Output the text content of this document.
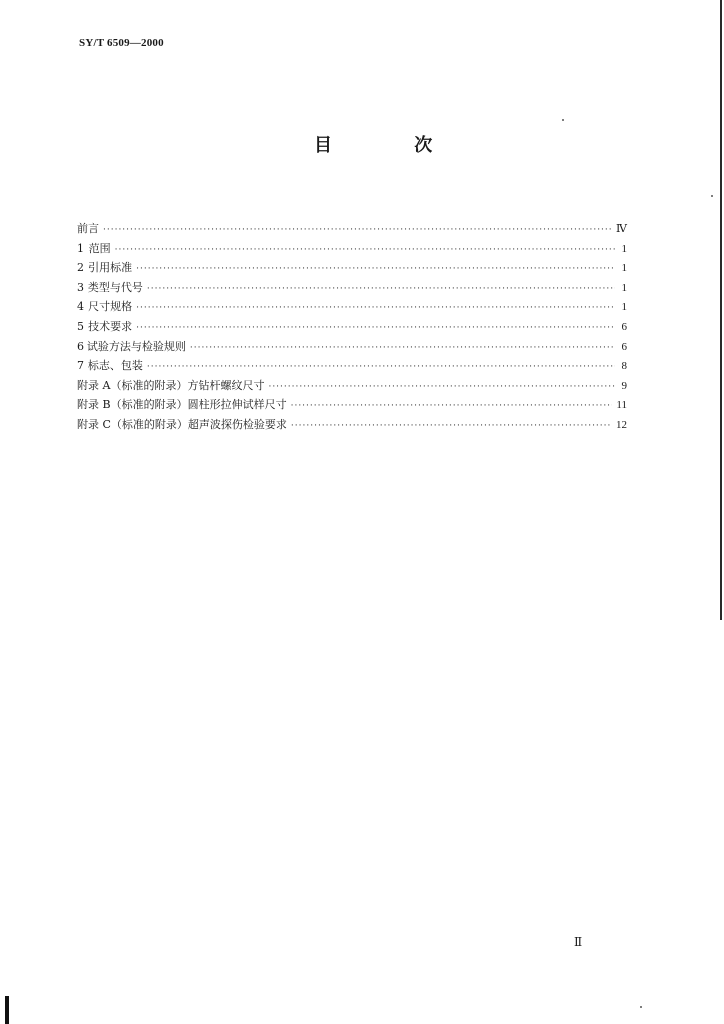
SY/T 6509—2000
目 次
前言 ·····	Ⅳ
1 范围 ·····	1
2 引用标准 ·····	1
3 类型与代号 ·····	1
4 尺寸规格 ·····	1
5 技术要求 ·····	6
6 试验方法与检验规则 ·····	6
7 标志、包装 ·····	8
附录 A（标准的附录） 方钻杆螺纹尺寸 ·····	9
附录 B（标准的附录） 圆柱形拉伸试样尺寸 ·····	11
附录 C（标准的附录） 超声波探伤检验要求 ·····	12
Ⅱ
